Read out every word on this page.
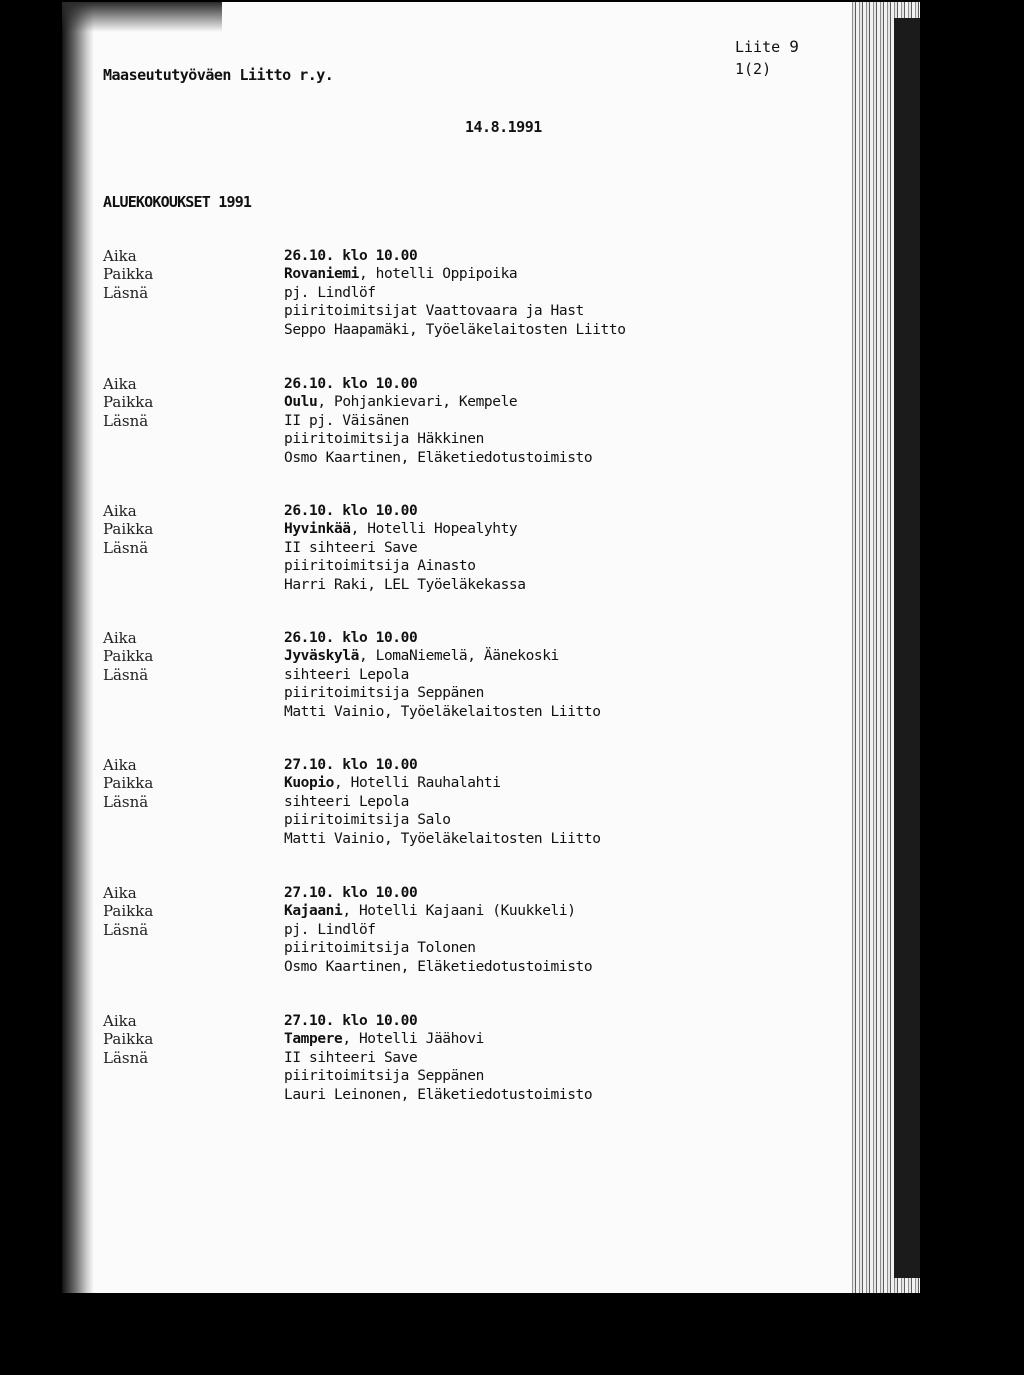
Maaseututyöväen Liitto r.y.
Liite 9
1(2)
14.8.1991
ALUEKOKOUKSET 1991
Aika
Paikka
Läsnä
26.10. klo 10.00
Rovaniemi, hotelli Oppipoika
pj. Lindlöf
piiritoimitsijat Vaattovaara ja Hast
Seppo Haapamäki, Työeläkelaitosten Liitto
Aika
Paikka
Läsnä
26.10. klo 10.00
Oulu, Pohjankievari, Kempele
II pj. Väisänen
piiritoimitsija Häkkinen
Osmo Kaartinen, Eläketiedotustoimisto
Aika
Paikka
Läsnä
26.10. klo 10.00
Hyvinkää, Hotelli Hopealyhty
II sihteeri Save
piiritoimitsija Ainasto
Harri Raki, LEL Työeläkekassa
Aika
Paikka
Läsnä
26.10. klo 10.00
Jyväskylä, LomaNiemelä, Äänekoski
sihteeri Lepola
piiritoimitsija Seppänen
Matti Vainio, Työeläkelaitosten Liitto
Aika
Paikka
Läsnä
27.10. klo 10.00
Kuopio, Hotelli Rauhalahti
sihteeri Lepola
piiritoimitsija Salo
Matti Vainio, Työeläkelaitosten Liitto
Aika
Paikka
Läsnä
27.10. klo 10.00
Kajaani, Hotelli Kajaani (Kuukkeli)
pj. Lindlöf
piiritoimitsija Tolonen
Osmo Kaartinen, Eläketiedotustoimisto
Aika
Paikka
Läsnä
27.10. klo 10.00
Tampere, Hotelli Jäähovi
II sihteeri Save
piiritoimitsija Seppänen
Lauri Leinonen, Eläketiedotustoimisto
